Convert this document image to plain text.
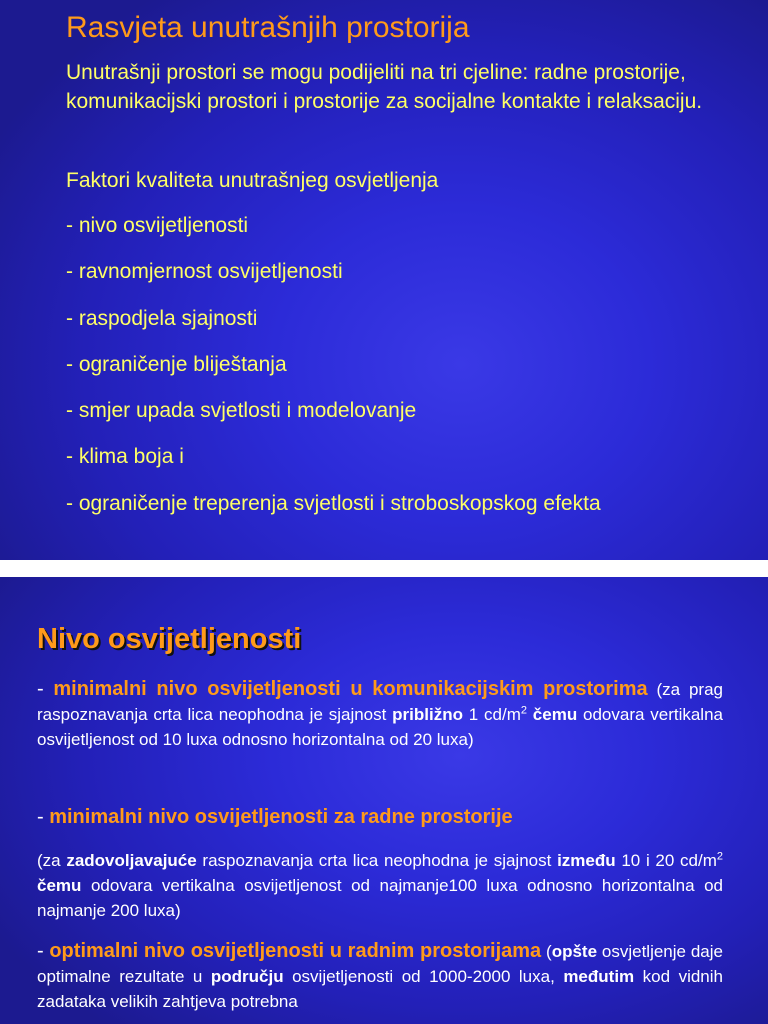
Rasvjeta unutrašnjih prostorija

Unutrašnji prostori se mogu podijeliti na tri cjeline: radne prostorije, komunikacijski prostori i prostorije za socijalne kontakte i relaksaciju.

Faktori kvaliteta unutrašnjeg osvjetljenja

- nivo osvijetljenosti
- ravnomjernost osvijetljenosti
- raspodjela sjajnosti
- ograničenje bliještanja
- smjer upada svjetlosti i modelovanje
- klima boja i
- ograničenje treperenja svjetlosti i stroboskopskog efekta
Nivo osvijetljenosti

- minimalni nivo osvijetljenosti u komunikacijskim prostorima (za prag raspoznavanja crta lica neophodna je sjajnost približno 1 $cd/m^2$ čemu odovara vertikalna osvijetljenost od 10 luxa odnosno horizontalna od 20 luxa)

- minimalni nivo osvijetljenosti za radne prostorije

(za zadovoljavajuće raspoznavanja crta lica neophodna je sjajnost između 10 i 20 $cd/m^2$ čemu odovara vertikalna osvijetljenost od najmanje100 luxa odnosno horizontalna od najmanje 200 luxa)

- optimalni nivo osvijetljenosti u radnim prostorijama (opšte osvjetljenje daje optimalne rezultate u području osvijetljenosti od 1000-2000 luxa, međutim kod vidnih zadataka velikih zahtjeva potrebna
